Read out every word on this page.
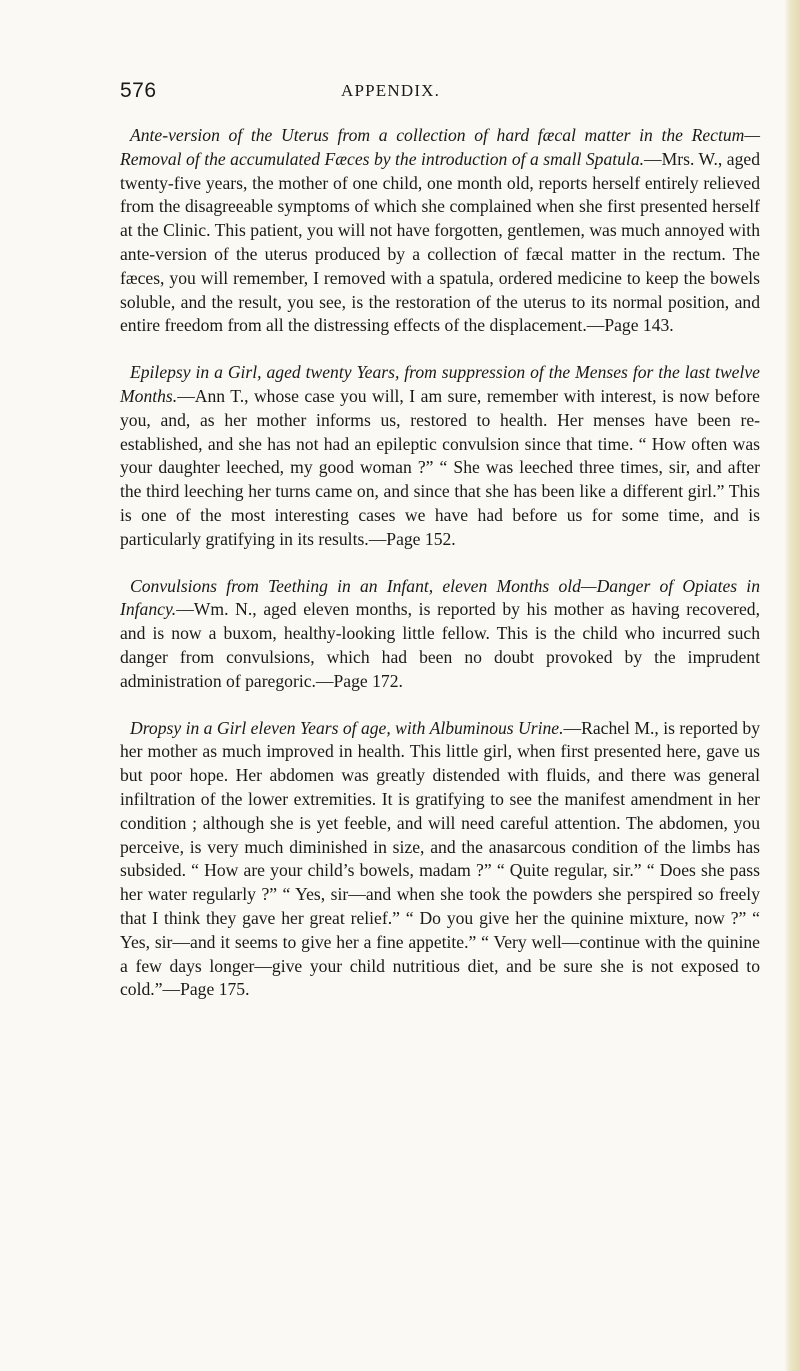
576	APPENDIX.

Ante-version of the Uterus from a collection of hard fæcal matter in the Rectum—Removal of the accumulated Fæces by the introduction of a small Spatula.—Mrs. W., aged twenty-five years, the mother of one child, one month old, reports herself entirely relieved from the disagreeable symptoms of which she complained when she first presented herself at the Clinic. This patient, you will not have forgotten, gentlemen, was much annoyed with ante-version of the uterus produced by a collection of fæcal matter in the rectum. The fæces, you will remember, I removed with a spatula, ordered medicine to keep the bowels soluble, and the result, you see, is the restoration of the uterus to its normal position, and entire freedom from all the distressing effects of the displacement.—Page 143.

Epilepsy in a Girl, aged twenty Years, from suppression of the Menses for the last twelve Months.—Ann T., whose case you will, I am sure, remember with interest, is now before you, and, as her mother informs us, restored to health. Her menses have been re-established, and she has not had an epileptic convulsion since that time. “ How often was your daughter leeched, my good woman ?” “ She was leeched three times, sir, and after the third leeching her turns came on, and since that she has been like a different girl.” This is one of the most interesting cases we have had before us for some time, and is particularly gratifying in its results.—Page 152.

Convulsions from Teething in an Infant, eleven Months old—Danger of Opiates in Infancy.—Wm. N., aged eleven months, is reported by his mother as having recovered, and is now a buxom, healthy-looking little fellow. This is the child who incurred such danger from convulsions, which had been no doubt provoked by the imprudent administration of paregoric.—Page 172.

Dropsy in a Girl eleven Years of age, with Albuminous Urine.—Rachel M., is reported by her mother as much improved in health. This little girl, when first presented here, gave us but poor hope. Her abdomen was greatly distended with fluids, and there was general infiltration of the lower extremities. It is gratifying to see the manifest amendment in her condition ; although she is yet feeble, and will need careful attention. The abdomen, you perceive, is very much diminished in size, and the anasarcous condition of the limbs has subsided. “ How are your child’s bowels, madam ?” “ Quite regular, sir.” “ Does she pass her water regularly ?” “ Yes, sir—and when she took the powders she perspired so freely that I think they gave her great relief.” “ Do you give her the quinine mixture, now ?” “ Yes, sir—and it seems to give her a fine appetite.” “ Very well—continue with the quinine a few days longer—give your child nutritious diet, and be sure she is not exposed to cold.”—Page 175.
